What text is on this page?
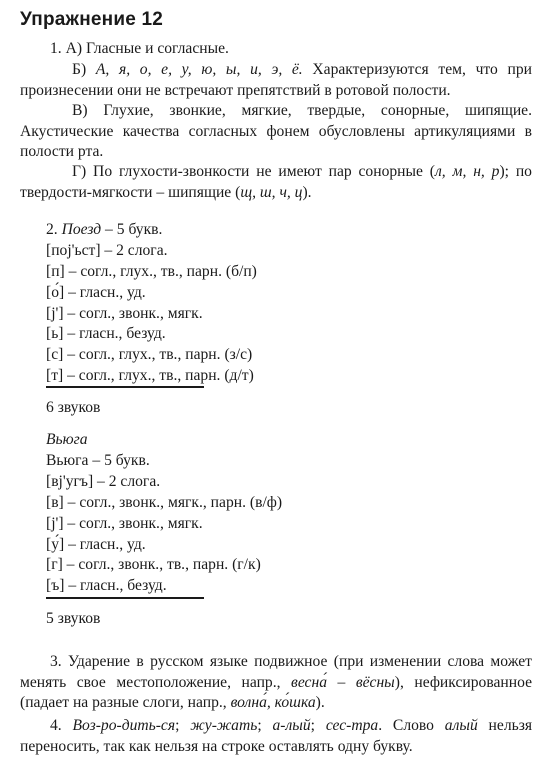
Упражнение 12

1. А) Гласные и согласные.

Б) А, я, о, е, у, ю, ы, и, э, ё. Характеризуются тем, что при произнесении они не встречают препятствий в ротовой полости.

В) Глухие, звонкие, мягкие, твердые, сонорные, шипящие. Акустические качества согласных фонем обусловлены артикуляциями в полости рта.

Г) По глухости-звонкости не имеют пар сонорные (л, м, н, р); по твердости-мягкости – шипящие (щ, ш, ч, ц).

2. Поезд – 5 букв.
[поj'ьст] – 2 слога.
[п] – согл., глух., тв., парн. (б/п)
[о́] – гласн., уд.
[j'] – согл., звонк., мягк.
[ь] – гласн., безуд.
[с] – согл., глух., тв., парн. (з/с)
[т] – согл., глух., тв., парн. (д/т)
6 звуков
Вьюга
Вьюга – 5 букв.
[вj'угъ] – 2 слога.
[в] – согл., звонк., мягк., парн. (в/ф)
[j'] – согл., звонк., мягк.
[у́] – гласн., уд.
[г] – согл., звонк., тв., парн. (г/к)
[ъ] – гласн., безуд.
5 звуков

3. Ударение в русском языке подвижное (при изменении слова может менять свое местоположение, напр., весна́ – вёсны), нефиксированное (падает на разные слоги, напр., волна́, ко́шка).

4. Воз-ро-дить-ся; жу-жать; а-лый; сес-тра. Слово алый нельзя переносить, так как нельзя на строке оставлять одну букву.
